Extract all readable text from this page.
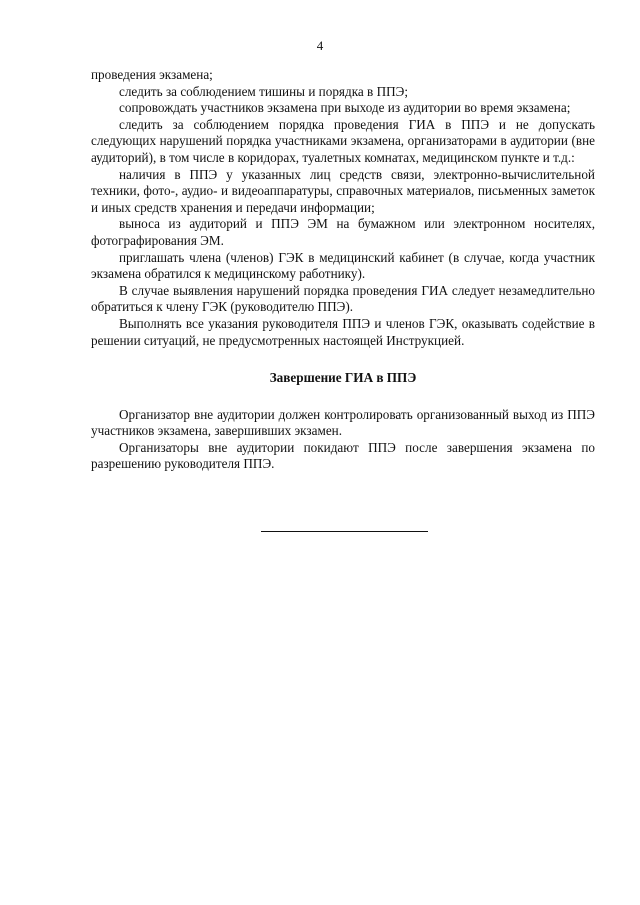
4

проведения экзамена;

следить за соблюдением тишины и порядка в ППЭ;

сопровождать участников экзамена при выходе из аудитории во время экзамена;

следить за соблюдением порядка проведения ГИА в ППЭ и не допускать следующих нарушений порядка участниками экзамена, организаторами в аудитории (вне аудиторий), в том числе в коридорах, туалетных комнатах, медицинском пункте и т.д.:

наличия в ППЭ у указанных лиц средств связи, электронно-вычислительной техники, фото-, аудио- и видеоаппаратуры, справочных материалов, письменных заметок и иных средств хранения и передачи информации;

выноса из аудиторий и ППЭ ЭМ на бумажном или электронном носителях, фотографирования ЭМ.

приглашать члена (членов) ГЭК в медицинский кабинет (в случае, когда участник экзамена обратился к медицинскому работнику).

В случае выявления нарушений порядка проведения ГИА следует незамедлительно обратиться к члену ГЭК (руководителю ППЭ).

Выполнять все указания руководителя ППЭ и членов ГЭК, оказывать содействие в решении ситуаций, не предусмотренных настоящей Инструкцией.

Завершение ГИА в ППЭ

Организатор вне аудитории должен контролировать организованный выход из ППЭ участников экзамена, завершивших экзамен.

Организаторы вне аудитории покидают ППЭ после завершения экзамена по разрешению руководителя ППЭ.
